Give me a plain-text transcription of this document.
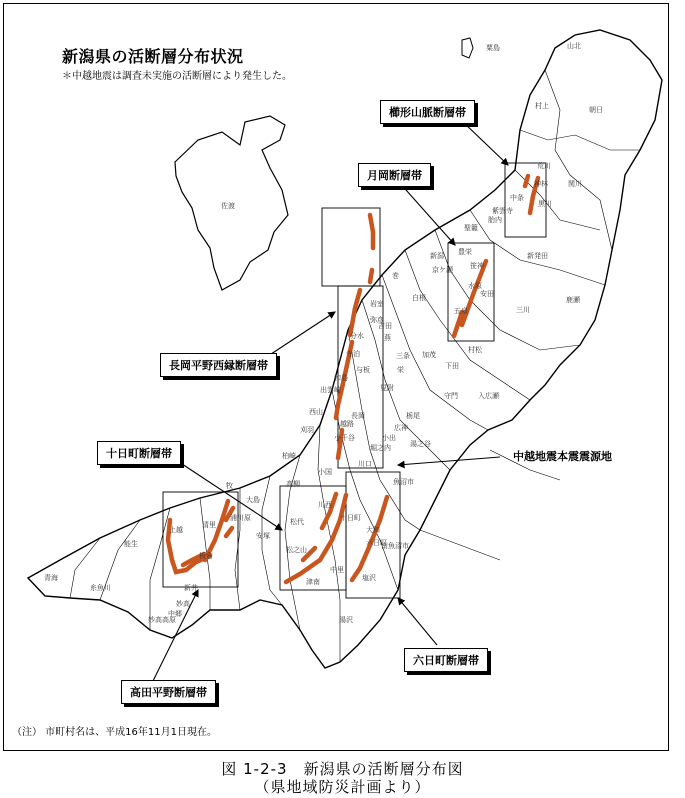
佐渡
粟島	山北
朝日
村上
荒川
神林
中条
胎内
黒川
関川
紫雲寺
聖籠
新発田
豊栄
新潟
笹神
水原
京ケ瀬
安田
五泉
村松
三川
鹿瀬
白根
巻
岩室
弥彦
分水	燕
吉田
三条 加茂
下田
栄
見附
出雲崎
和島
寺泊
与板
長岡	栃尾
守門	入広瀬
小出
湯之谷
広神
堀之内
川口
小千谷
柏崎
西山
刈羽
高柳
小国
越路
川西
十日町
松代
松之山
中里
津南	塩沢
六日町
大和
南魚沼市
魚沼市
湯沢
上越
糸魚川
能生
青海
妙高
妙高高原
新井
中郷
板倉
清里
浦川原
大島
安塚
牧
新潟県の活断層分布状況
＊中越地震は調査未実施の活断層により発生した。
櫛形山脈断層帯
月岡断層帯
長岡平野西縁断層帯
十日町断層帯	中越地震本震震源地
高田平野断層帯
六日町断層帯
（注） 市町村名は、平成16年11月1日現在。
図 1-2-3　新潟県の活断層分布図
（県地域防災計画より）
